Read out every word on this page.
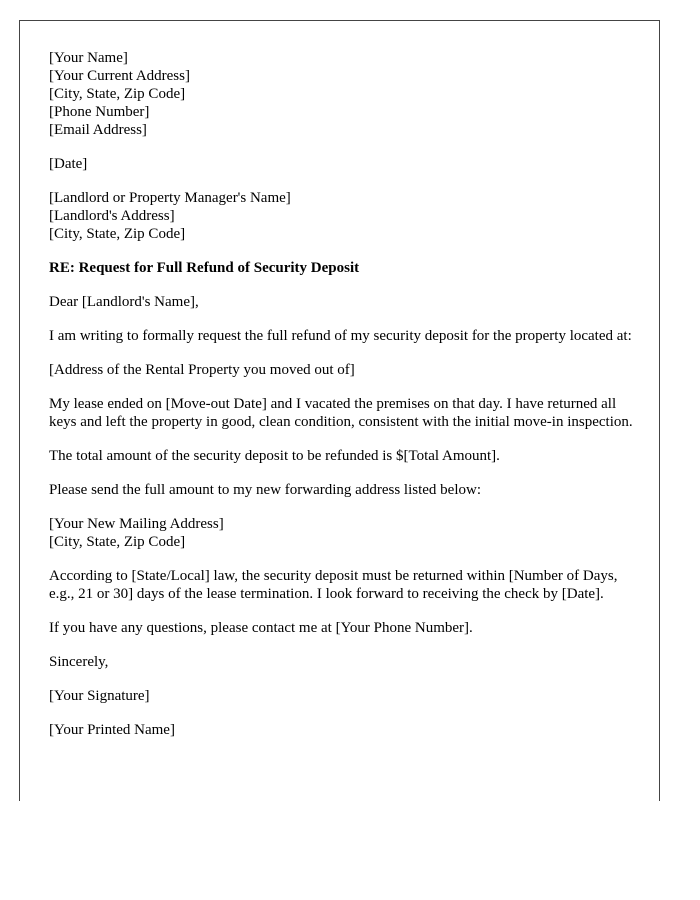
[Your Name]
[Your Current Address]
[City, State, Zip Code]
[Phone Number]
[Email Address]
[Date]
[Landlord or Property Manager's Name]
[Landlord's Address]
[City, State, Zip Code]
RE: Request for Full Refund of Security Deposit
Dear [Landlord's Name],
I am writing to formally request the full refund of my security deposit for the property located at:
[Address of the Rental Property you moved out of]
My lease ended on [Move-out Date] and I vacated the premises on that day. I have returned all keys and left the property in good, clean condition, consistent with the initial move-in inspection.
The total amount of the security deposit to be refunded is $[Total Amount].
Please send the full amount to my new forwarding address listed below:
[Your New Mailing Address]
[City, State, Zip Code]
According to [State/Local] law, the security deposit must be returned within [Number of Days, e.g., 21 or 30] days of the lease termination. I look forward to receiving the check by [Date].
If you have any questions, please contact me at [Your Phone Number].
Sincerely,
[Your Signature]
[Your Printed Name]
